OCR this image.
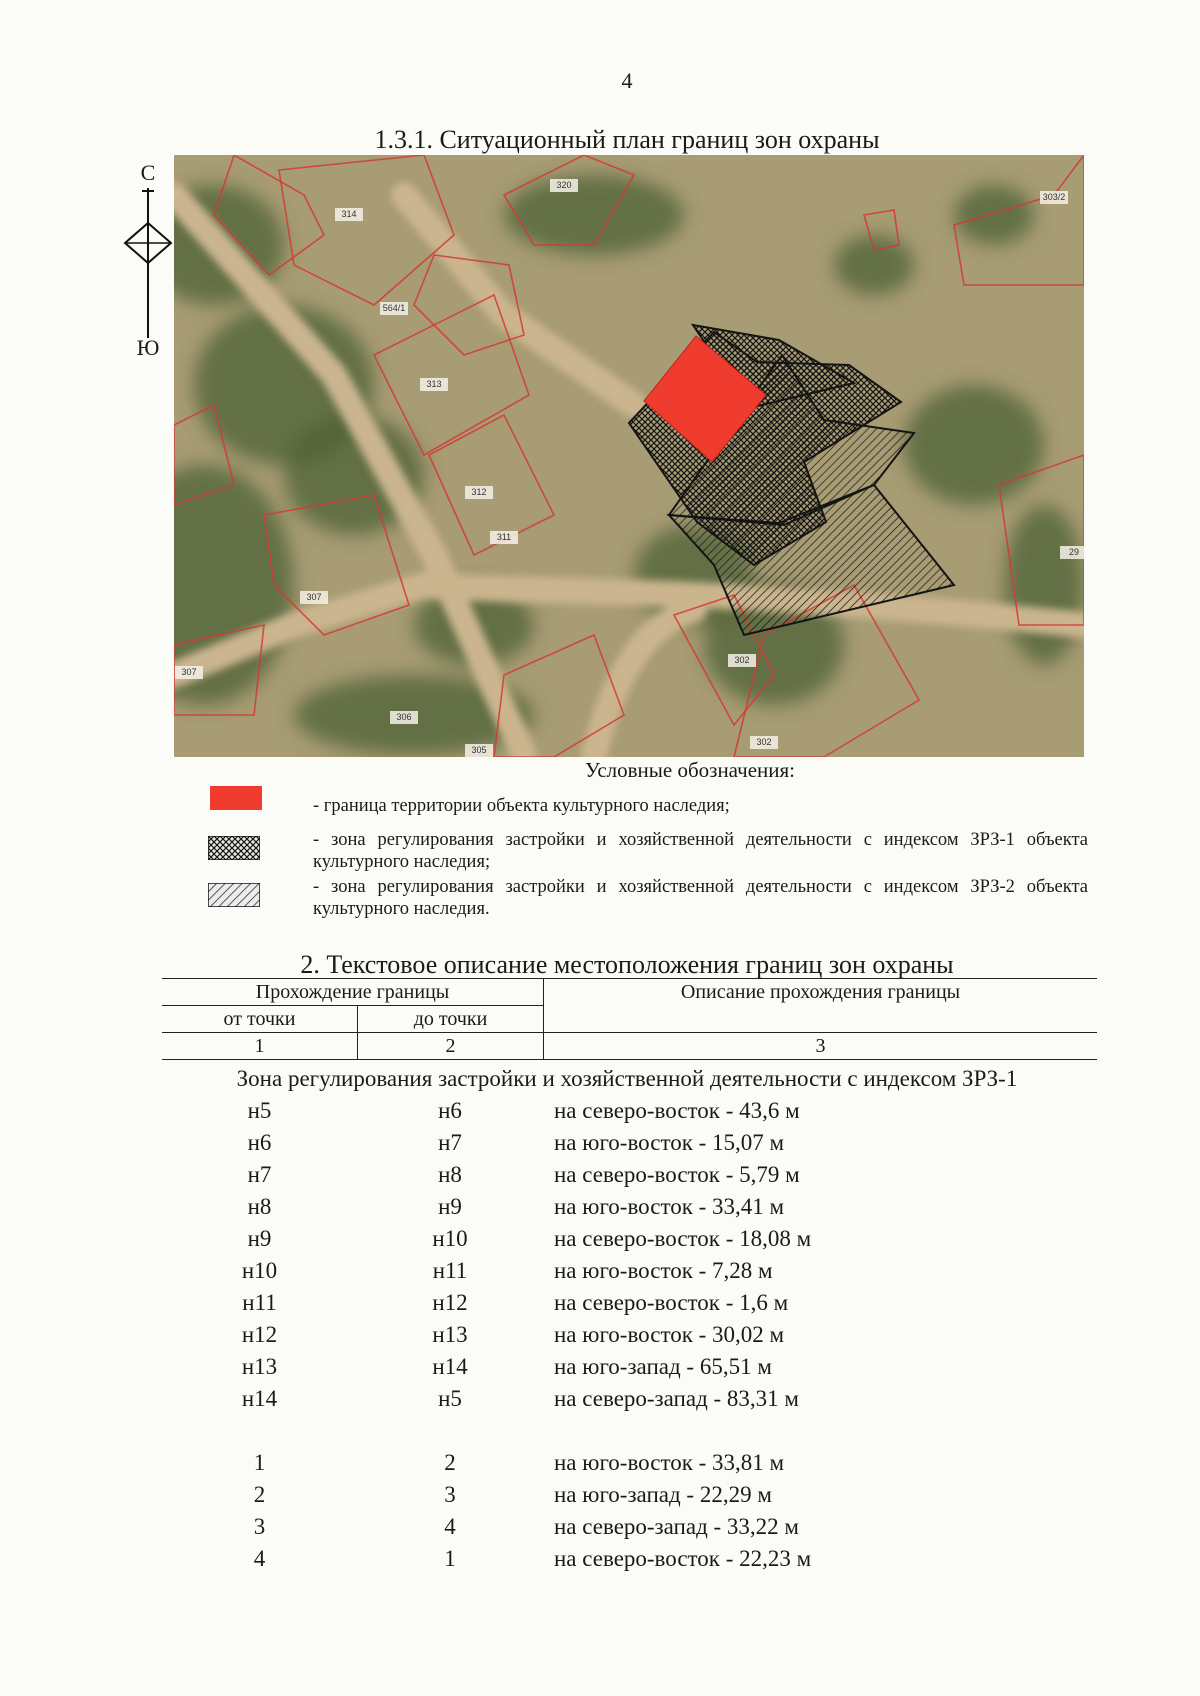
4
1.3.1. Ситуационный план границ зон охраны
С
Ю
320
303/2
314
564/1
313
312
311
307
307
306
305
302
302
29
Условные обозначения:
- граница территории объекта культурного наследия;
- зона регулирования застройки и хозяйственной деятельности с индексом ЗРЗ-1 объекта культурного наследия;
- зона регулирования застройки и хозяйственной деятельности с индексом ЗРЗ-2 объекта культурного наследия.
2. Текстовое описание местоположения границ зон охраны
Прохождение границы		Описание прохождения границы
от точки	до точки	
1	2	3
Зона регулирования застройки и хозяйственной деятельности с индексом ЗРЗ-1
н5	н6	на северо-восток - 43,6 м
н6	н7	на юго-восток - 15,07 м
н7	н8	на северо-восток - 5,79 м
н8	н9	на юго-восток - 33,41 м
н9	н10	на северо-восток - 18,08 м
н10	н11	на юго-восток - 7,28 м
н11	н12	на северо-восток - 1,6 м
н12	н13	на юго-восток - 30,02 м
н13	н14	на юго-запад - 65,51 м
н14	н5	на северо-запад - 83,31 м
1	2	на юго-восток - 33,81 м
2	3	на юго-запад - 22,29 м
3	4	на северо-запад - 33,22 м
4	1	на северо-восток - 22,23 м
